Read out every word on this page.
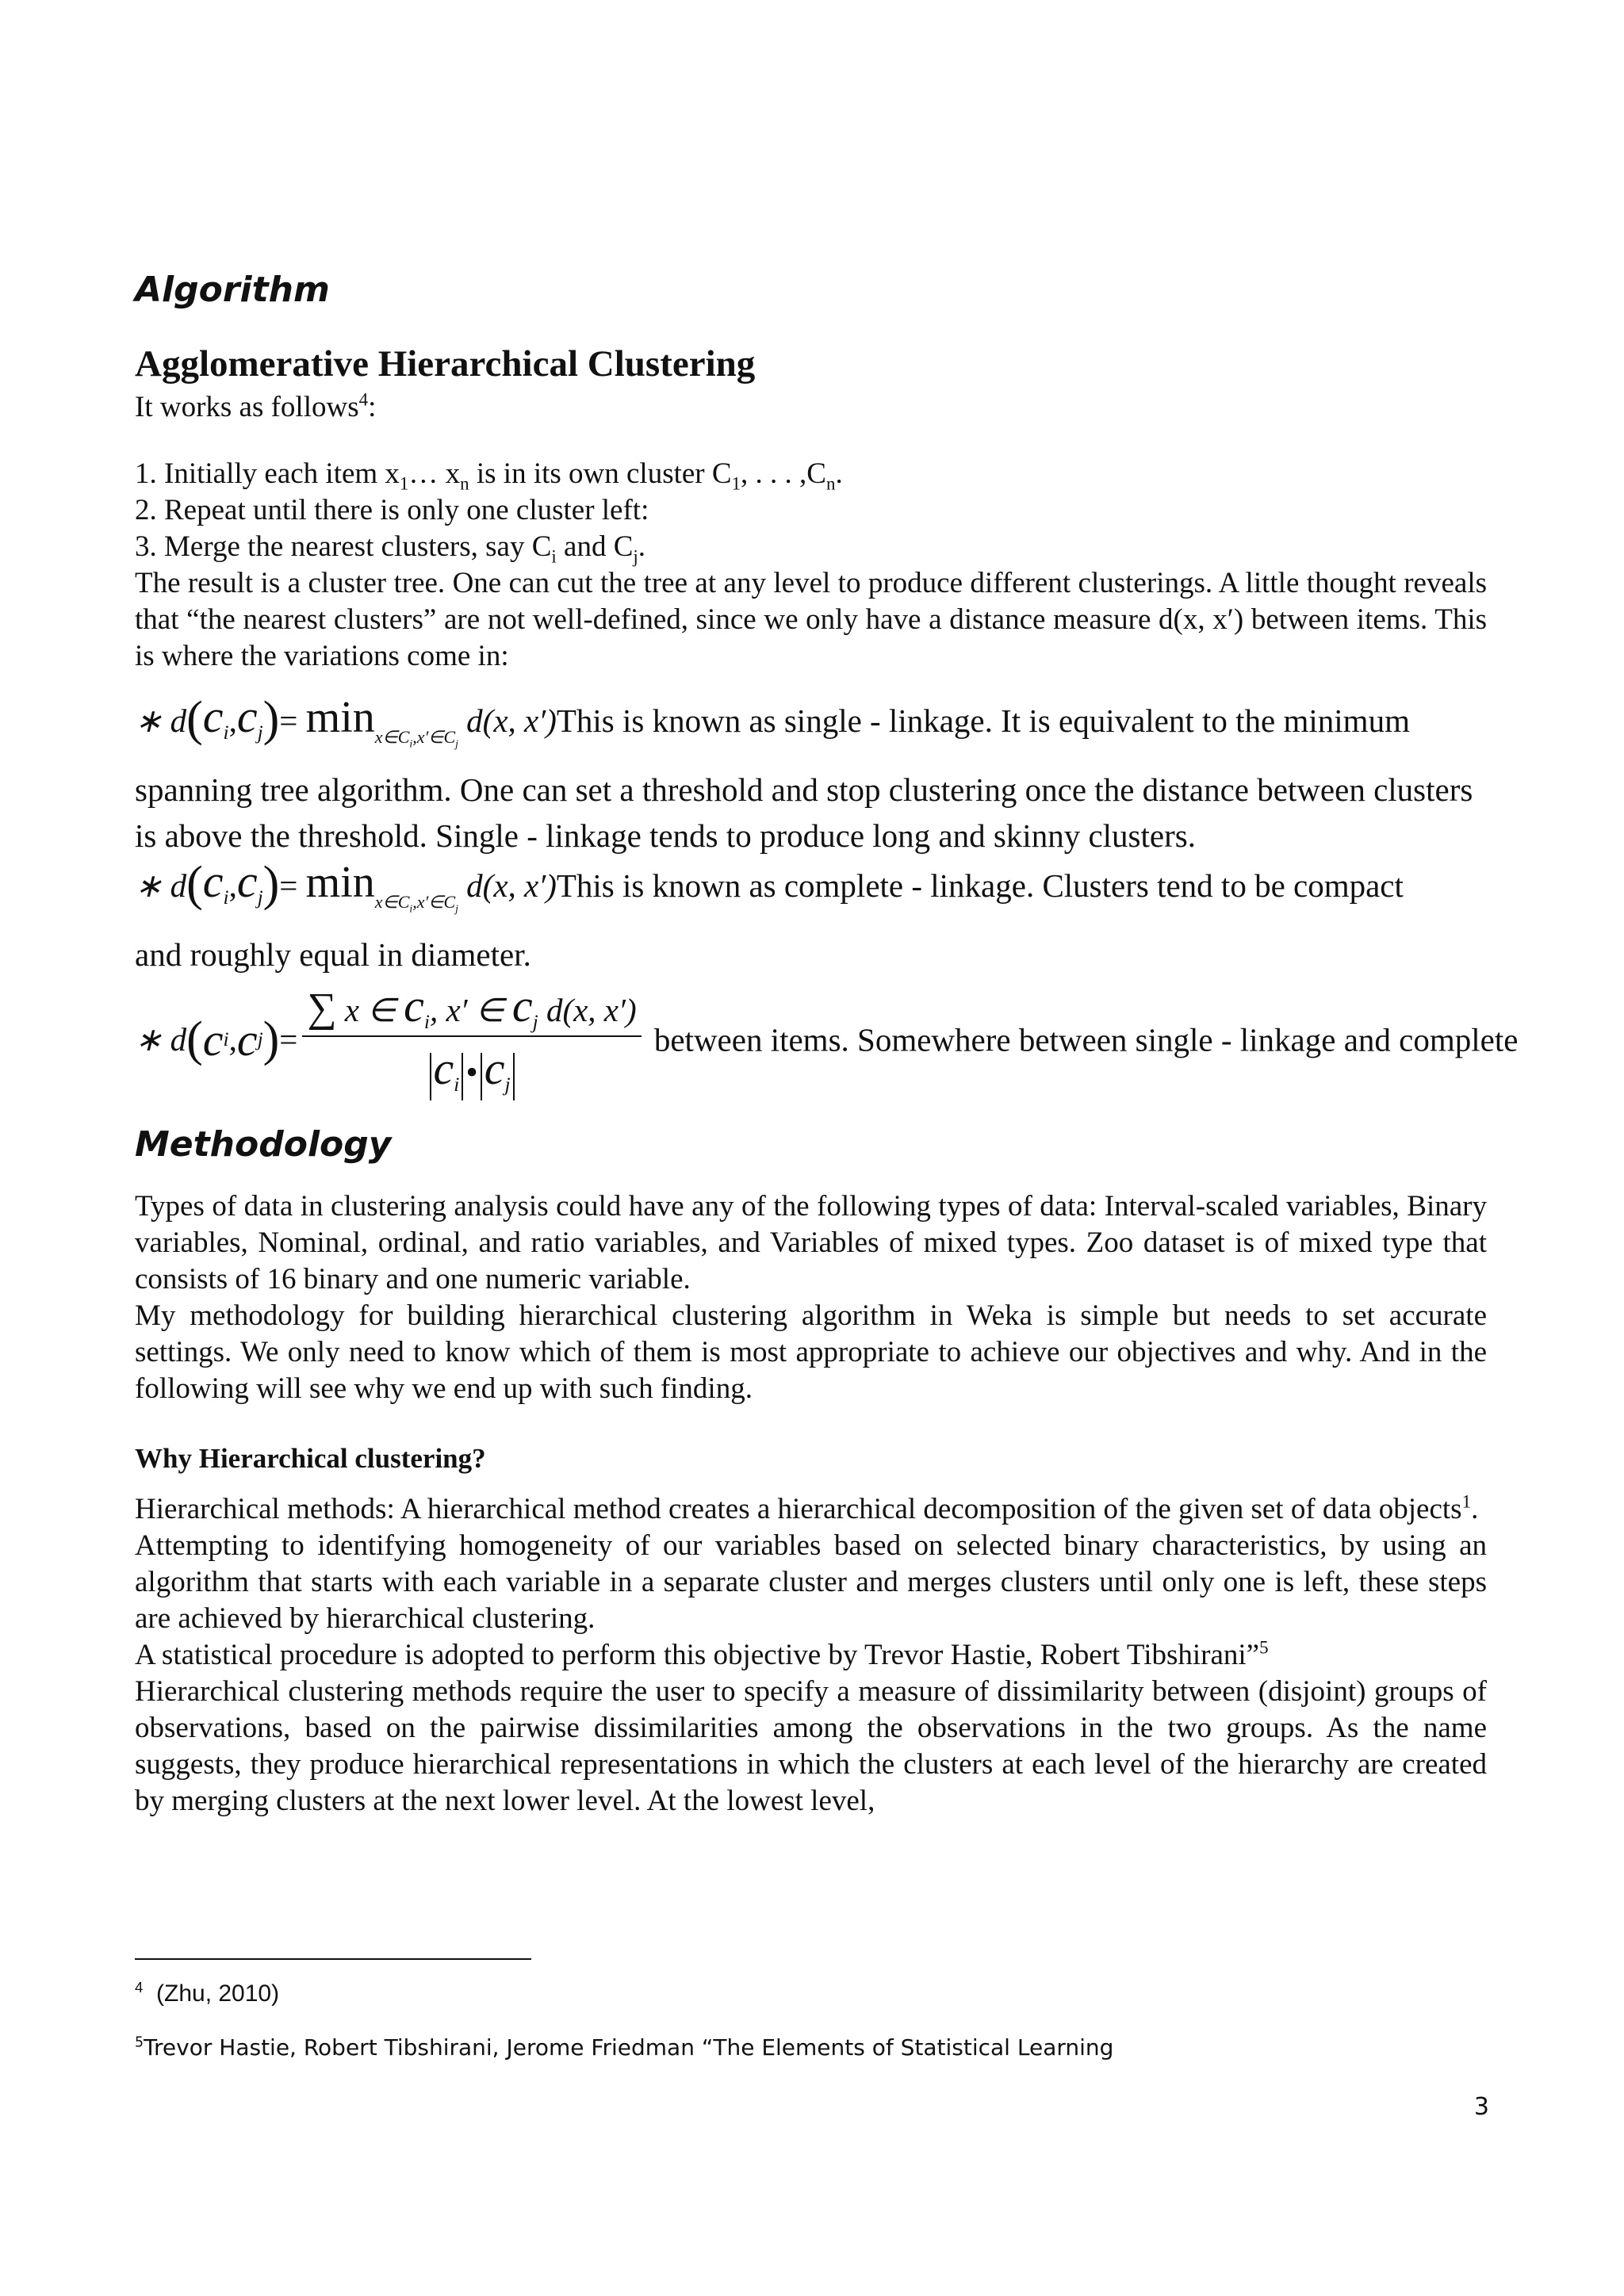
Algorithm
Agglomerative Hierarchical Clustering

It works as follows$^4$:

1. Initially each item $x_1\dots$ $x_n$ is in its own cluster $C_1$, . . . $,C_n$.

2. Repeat until there is only one cluster left:

3. Merge the nearest clusters, say $C_i$ and $C_j$.

The result is a cluster tree. One can cut the tree at any level to produce different clusterings. A little thought reveals that “the nearest clusters” are not well-defined, since we only have a distance measure d(x, x′) between items. This is where the variations come in:

∗ $d(c_i,c_j)= \min_{x\in C_i,x'\in C_j} d(x$, x′)This is known as single - linkage. It is equivalent to the minimum
spanning tree algorithm. One can set a threshold and stop clustering once the distance between clusters
is above the threshold. Single - linkage tends to produce long and skinny clusters.
∗ $d(c_i,c_j)= \min_{x\in C_i,x'\in C_j} d(x$, x′)This is known as complete - linkage. Clusters tend to be compact
and roughly equal in diameter.
∗
d ( c i , c j ) = $\frac{\sum x \in c_i, x' \in c_j d(x, x')}{c_i • c_j}$ between items. Somewhere between single - linkage and complete
Methodology

Types of data in clustering analysis could have any of the following types of data: Interval-scaled variables, Binary variables, Nominal, ordinal, and ratio variables, and Variables of mixed types. Zoo dataset is of mixed type that consists of 16 binary and one numeric variable.

My methodology for building hierarchical clustering algorithm in Weka is simple but needs to set accurate settings. We only need to know which of them is most appropriate to achieve our objectives and why. And in the following will see why we end up with such finding.

Why Hierarchical clustering?

Hierarchical methods: A hierarchical method creates a hierarchical decomposition of the given set of data objects$^1$.

Attempting to identifying homogeneity of our variables based on selected binary characteristics, by using an algorithm that starts with each variable in a separate cluster and merges clusters until only one is left, these steps are achieved by hierarchical clustering.

A statistical procedure is adopted to perform this objective by Trevor Hastie, Robert Tibshirani”$^5$

Hierarchical clustering methods require the user to specify a measure of dissimilarity between (disjoint) groups of observations, based on the pairwise dissimilarities among the observations in the two groups. As the name suggests, they produce hierarchical representations in which the clusters at each level of the hierarchy are created by merging clusters at the next lower level. At the lowest level,

$^4$ (Zhu, 2010)
$^5$Trevor Hastie, Robert Tibshirani, Jerome Friedman “The Elements of Statistical Learning
3
